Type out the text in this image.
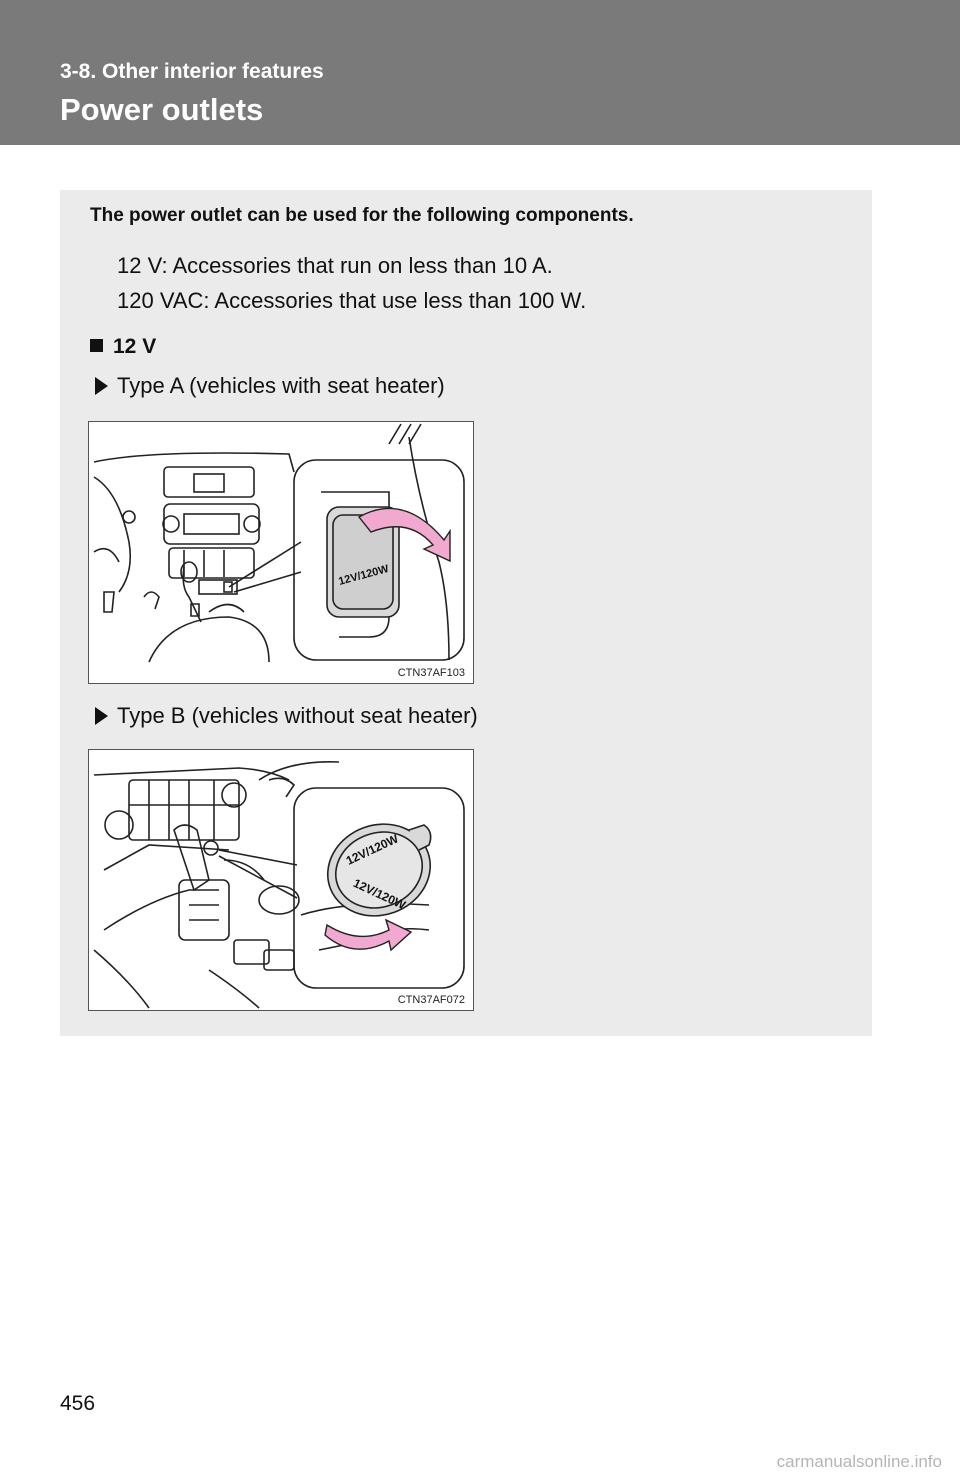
3-8. Other interior features
Power outlets
The power outlet can be used for the following components.
12 V: Accessories that run on less than 10 A.
120 VAC: Accessories that use less than 100 W.
12 V
Type A (vehicles with seat heater)
12V/120W
CTN37AF103
Type B (vehicles without seat heater)
12V/120W
12V/120W
CTN37AF072
456
carmanualsonline.info
